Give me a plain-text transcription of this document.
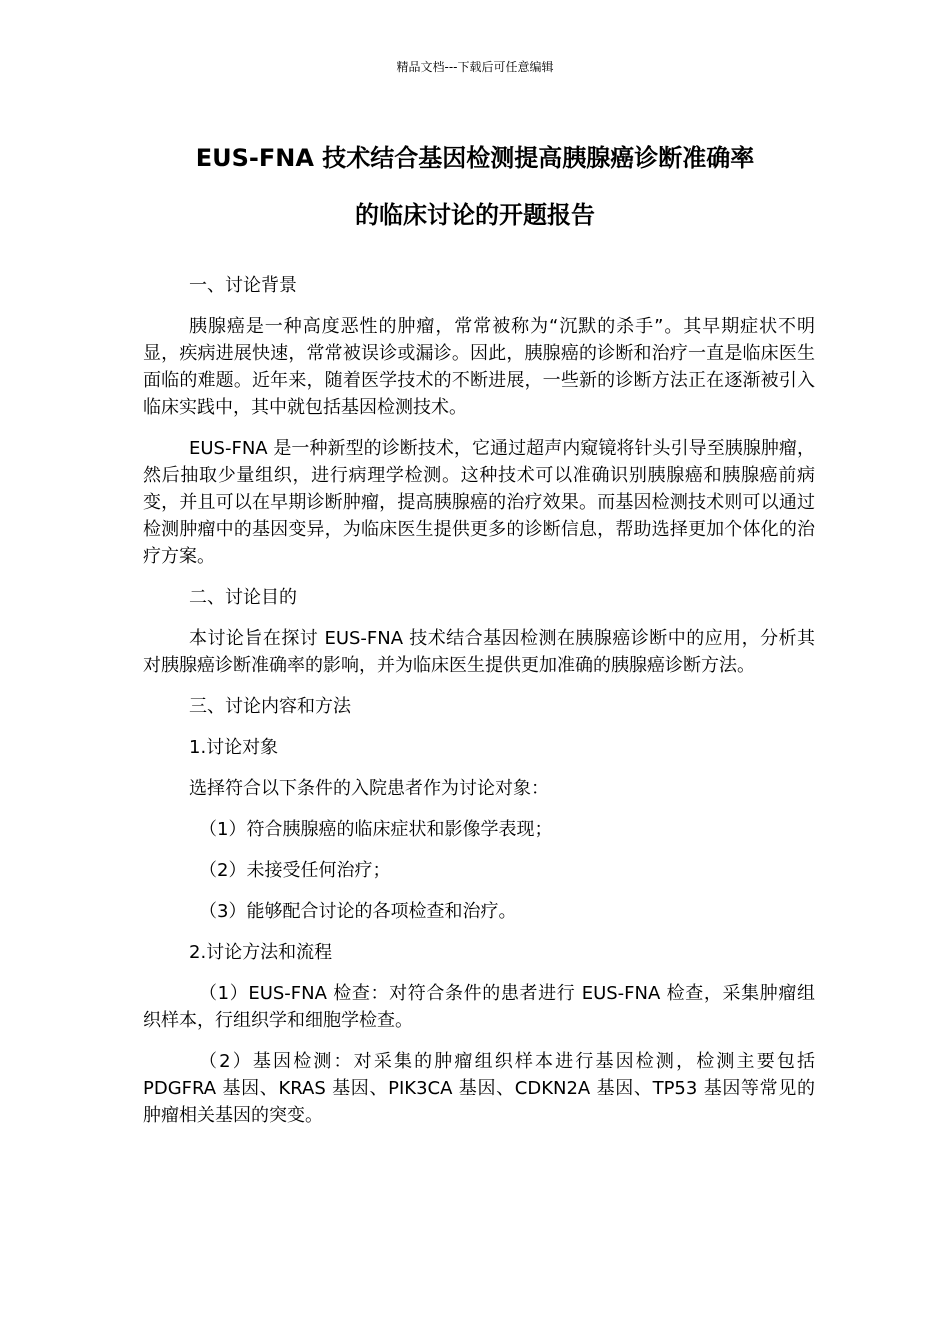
精品文档---下载后可任意编辑
EUS-FNA 技术结合基因检测提高胰腺癌诊断准确率
的临床讨论的开题报告

一、讨论背景

胰腺癌是一种高度恶性的肿瘤，常常被称为“沉默的杀手”。其早期症状不明显，疾病进展快速，常常被误诊或漏诊。因此，胰腺癌的诊断和治疗一直是临床医生面临的难题。近年来，随着医学技术的不断进展，一些新的诊断方法正在逐渐被引入临床实践中，其中就包括基因检测技术。

EUS-FNA 是一种新型的诊断技术，它通过超声内窥镜将针头引导至胰腺肿瘤，然后抽取少量组织，进行病理学检测。这种技术可以准确识别胰腺癌和胰腺癌前病变，并且可以在早期诊断肿瘤，提高胰腺癌的治疗效果。而基因检测技术则可以通过检测肿瘤中的基因变异，为临床医生提供更多的诊断信息，帮助选择更加个体化的治疗方案。

二、讨论目的

本讨论旨在探讨 EUS-FNA 技术结合基因检测在胰腺癌诊断中的应用，分析其对胰腺癌诊断准确率的影响，并为临床医生提供更加准确的胰腺癌诊断方法。

三、讨论内容和方法

1.讨论对象

选择符合以下条件的入院患者作为讨论对象：

（1）符合胰腺癌的临床症状和影像学表现；

（2）未接受任何治疗；

（3）能够配合讨论的各项检查和治疗。

2.讨论方法和流程

（1）EUS-FNA 检查：对符合条件的患者进行 EUS-FNA 检查，采集肿瘤组织样本，行组织学和细胞学检查。

（2）基因检测：对采集的肿瘤组织样本进行基因检测，检测主要包括 PDGFRA 基因、KRAS 基因、PIK3CA 基因、CDKN2A 基因、TP53 基因等常见的肿瘤相关基因的突变。
